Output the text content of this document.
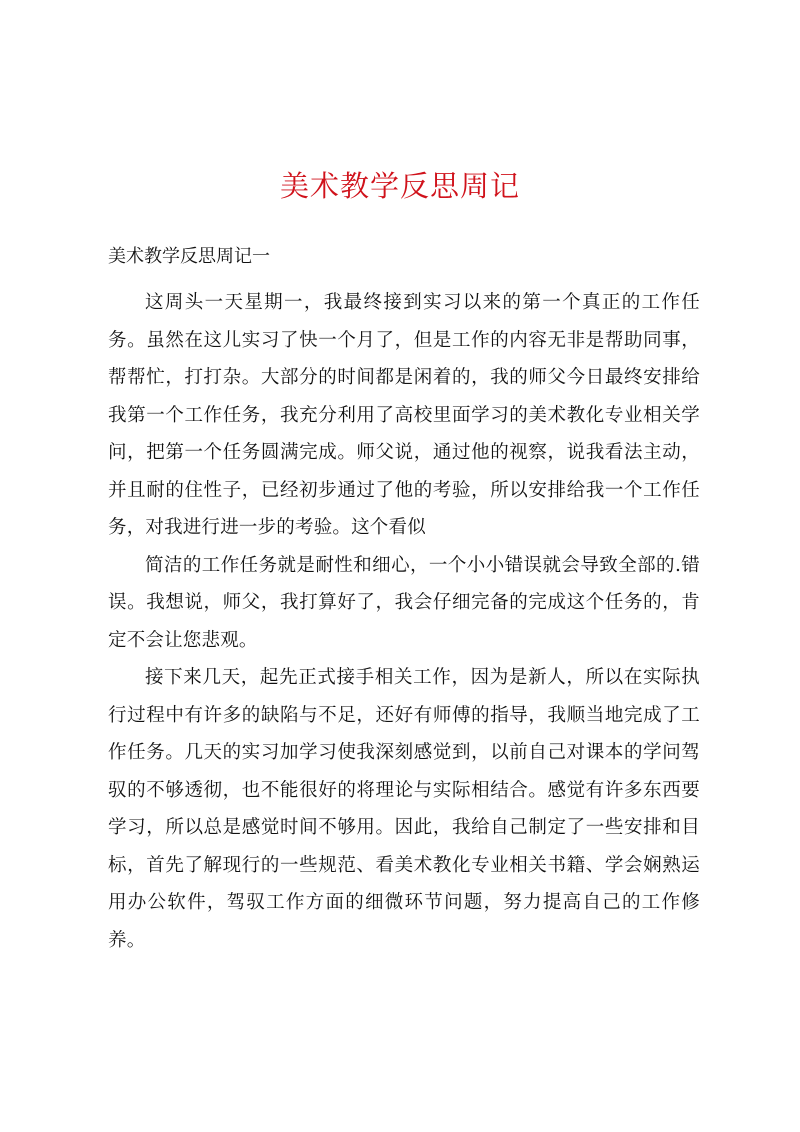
美术教学反思周记

美术教学反思周记一

这周头一天星期一，我最终接到实习以来的第一个真正的工作任务。虽然在这儿实习了快一个月了，但是工作的内容无非是帮助同事，帮帮忙，打打杂。大部分的时间都是闲着的，我的师父今日最终安排给我第一个工作任务，我充分利用了高校里面学习的美术教化专业相关学问，把第一个任务圆满完成。师父说，通过他的视察，说我看法主动，并且耐的住性子，已经初步通过了他的考验，所以安排给我一个工作任务，对我进行进一步的考验。这个看似

简洁的工作任务就是耐性和细心，一个小小错误就会导致全部的.错误。我想说，师父，我打算好了，我会仔细完备的完成这个任务的，肯定不会让您悲观。

接下来几天，起先正式接手相关工作，因为是新人，所以在实际执行过程中有许多的缺陷与不足，还好有师傅的指导，我顺当地完成了工作任务。几天的实习加学习使我深刻感觉到，以前自己对课本的学问驾驭的不够透彻，也不能很好的将理论与实际相结合。感觉有许多东西要学习，所以总是感觉时间不够用。因此，我给自己制定了一些安排和目标，首先了解现行的一些规范、看美术教化专业相关书籍、学会娴熟运用办公软件，驾驭工作方面的细微环节问题，努力提高自己的工作修养。
